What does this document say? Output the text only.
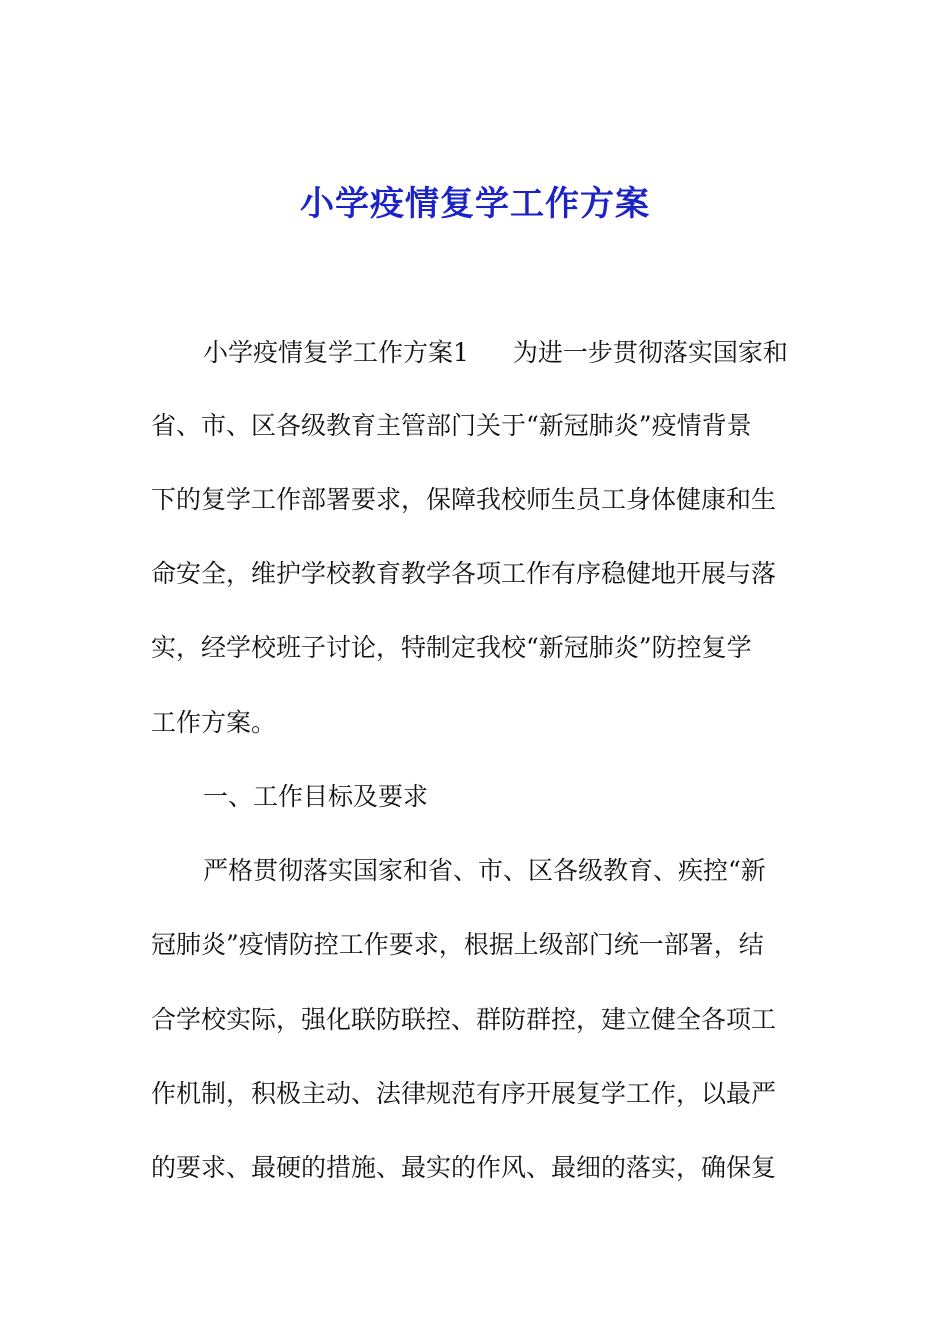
小学疫情复学工作方案

小学疫情复学工作方案1 为进一步贯彻落实国家和

省、市、区各级教育主管部门关于“新冠肺炎”疫情背景

下的复学工作部署要求，保障我校师生员工身体健康和生

命安全，维护学校教育教学各项工作有序稳健地开展与落

实，经学校班子讨论，特制定我校“新冠肺炎”防控复学

工作方案。

一、工作目标及要求

严格贯彻落实国家和省、市、区各级教育、疾控“新

冠肺炎”疫情防控工作要求，根据上级部门统一部署，结

合学校实际，强化联防联控、群防群控，建立健全各项工

作机制，积极主动、法律规范有序开展复学工作，以最严

的要求、最硬的措施、最实的作风、最细的落实，确保复
